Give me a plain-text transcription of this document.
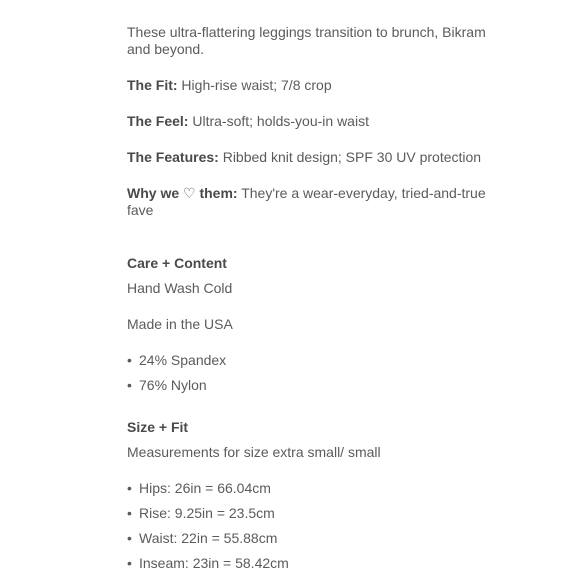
These ultra-flattering leggings transition to brunch, Bikram and beyond.

The Fit: High-rise waist; 7/8 crop

The Feel: Ultra-soft; holds-you-in waist

The Features: Ribbed knit design; SPF 30 UV protection

Why we ♡ them: They're a wear-everyday, tried-and-true fave

Care + Content

Hand Wash Cold

Made in the USA

• 24% Spandex
• 76% Nylon

Size + Fit

Measurements for size extra small/ small

• Hips: 26in = 66.04cm
• Rise: 9.25in = 23.5cm
• Waist: 22in = 55.88cm
• Inseam: 23in = 58.42cm
